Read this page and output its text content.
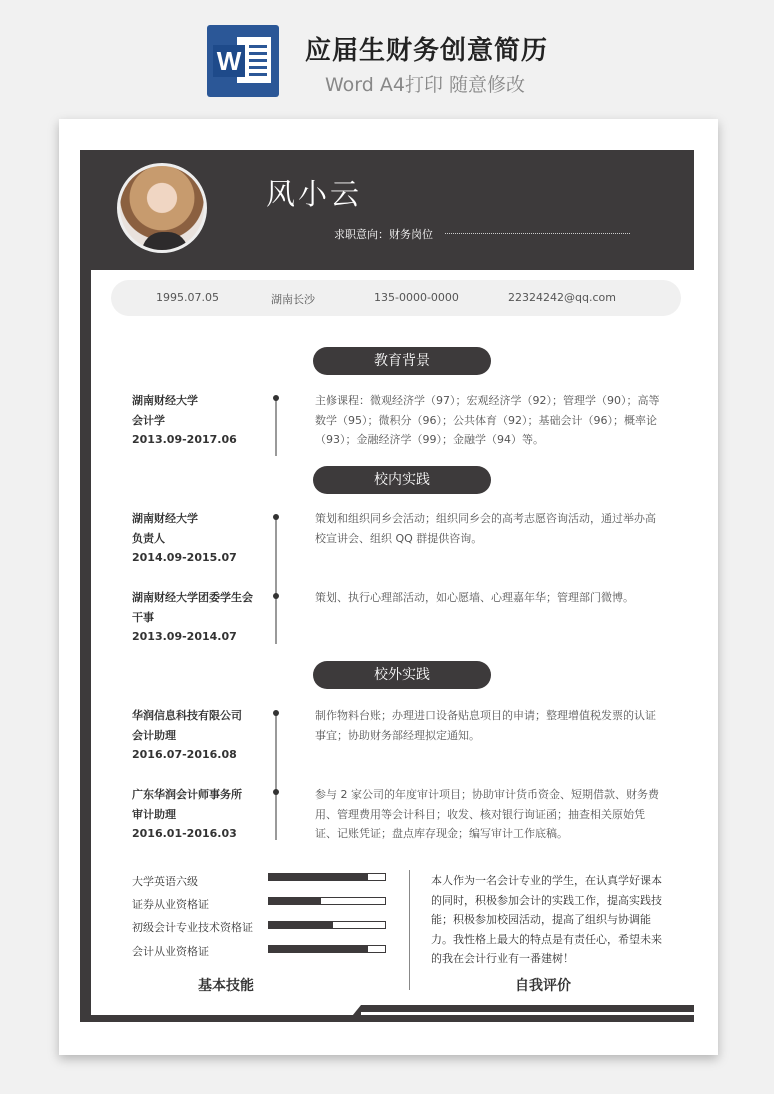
W 应届生财务创意简历
Word A4打印 随意修改
风小云
求职意向：财务岗位
1995.07.05	湖南长沙	135-0000-0000	22324242@qq.com
教育背景
湖南财经大学
会计学
2013.09-2017.06
主修课程：微观经济学（97）；宏观经济学（92）；管理学（90）；高等数学（95）；微积分（96）；公共体育（92）；基础会计（96）；概率论（93）；金融经济学（99）；金融学（94）等。
校内实践
湖南财经大学
负责人
2014.09-2015.07
策划和组织同乡会活动；组织同乡会的高考志愿咨询活动，通过举办高校宣讲会、组织 QQ 群提供咨询。
湖南财经大学团委学生会
干事
2013.09-2014.07
策划、执行心理部活动，如心愿墙、心理嘉年华；管理部门微博。
校外实践
华润信息科技有限公司
会计助理
2016.07-2016.08
制作物料台账；办理进口设备贴息项目的申请；整理增值税发票的认证事宜；协助财务部经理拟定通知。
广东华润会计师事务所
审计助理
2016.01-2016.03
参与 2 家公司的年度审计项目；协助审计货币资金、短期借款、财务费用、管理费用等会计科目；收发、核对银行询证函；抽查相关原始凭证、记账凭证；盘点库存现金；编写审计工作底稿。
大学英语六级
证券从业资格证
初级会计专业技术资格证
会计从业资格证
基本技能
本人作为一名会计专业的学生，在认真学好课本的同时，积极参加会计的实践工作，提高实践技能；积极参加校园活动，提高了组织与协调能力。我性格上最大的特点是有责任心，希望未来的我在会计行业有一番建树！
自我评价
